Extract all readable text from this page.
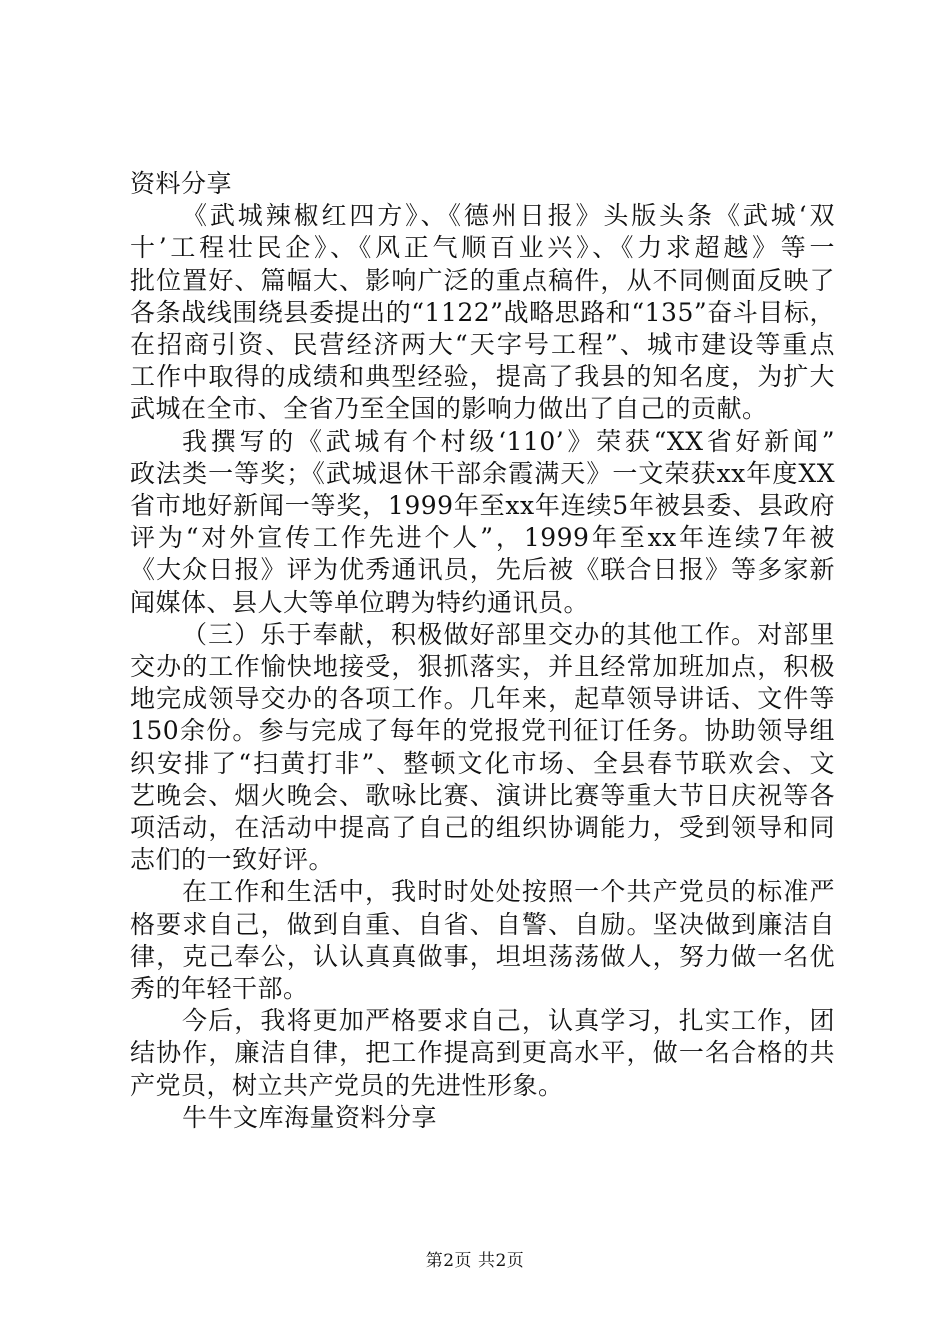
资料分享
《武城辣椒红四方》、《德州日报》头版头条《武城‘双
十’工程壮民企》、《风正气顺百业兴》、《力求超越》等一
批位置好、篇幅大、影响广泛的重点稿件，从不同侧面反映了
各条战线围绕县委提出的“1122”战略思路和“135”奋斗目标，
在招商引资、民营经济两大“天字号工程”、城市建设等重点
工作中取得的成绩和典型经验，提高了我县的知名度，为扩大
武城在全市、全省乃至全国的影响力做出了自己的贡献。
我撰写的《武城有个村级‘110’》荣获“XX省好新闻”
政法类一等奖；《武城退休干部余霞满天》一文荣获xx年度XX
省市地好新闻一等奖，1999年至xx年连续5年被县委、县政府
评为“对外宣传工作先进个人”，1999年至xx年连续7年被
《大众日报》评为优秀通讯员，先后被《联合日报》等多家新
闻媒体、县人大等单位聘为特约通讯员。
（三）乐于奉献，积极做好部里交办的其他工作。对部里
交办的工作愉快地接受，狠抓落实，并且经常加班加点，积极
地完成领导交办的各项工作。几年来，起草领导讲话、文件等
150余份。参与完成了每年的党报党刊征订任务。协助领导组
织安排了“扫黄打非”、整顿文化市场、全县春节联欢会、文
艺晚会、烟火晚会、歌咏比赛、演讲比赛等重大节日庆祝等各
项活动，在活动中提高了自己的组织协调能力，受到领导和同
志们的一致好评。
在工作和生活中，我时时处处按照一个共产党员的标准严
格要求自己，做到自重、自省、自警、自励。坚决做到廉洁自
律，克己奉公，认认真真做事，坦坦荡荡做人，努力做一名优
秀的年轻干部。
今后，我将更加严格要求自己，认真学习，扎实工作，团
结协作，廉洁自律，把工作提高到更高水平，做一名合格的共
产党员，树立共产党员的先进性形象。
牛牛文库海量资料分享
第2页 共2页
